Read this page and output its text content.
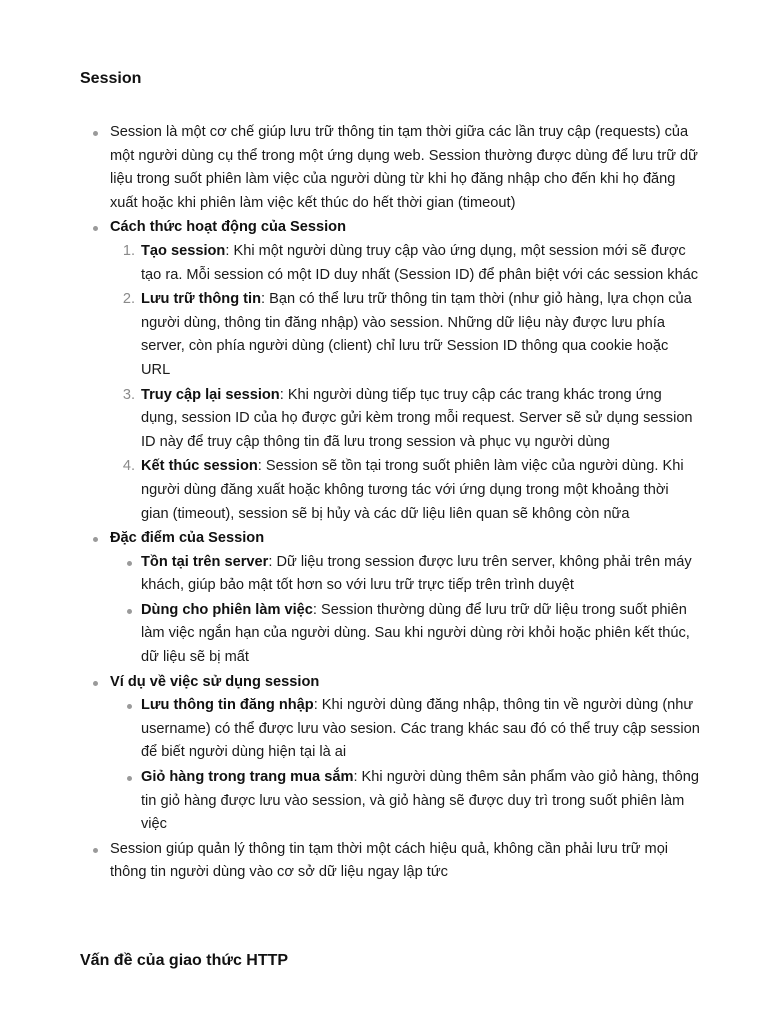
Session
Session là một cơ chế giúp lưu trữ thông tin tạm thời giữa các lần truy cập (requests) của một người dùng cụ thể trong một ứng dụng web. Session thường được dùng để lưu trữ dữ liệu trong suốt phiên làm việc của người dùng từ khi họ đăng nhập cho đến khi họ đăng xuất hoặc khi phiên làm việc kết thúc do hết thời gian (timeout)
Cách thức hoạt động của Session
1. Tạo session: Khi một người dùng truy cập vào ứng dụng, một session mới sẽ được tạo ra. Mỗi session có một ID duy nhất (Session ID) để phân biệt với các session khác
2. Lưu trữ thông tin: Bạn có thể lưu trữ thông tin tạm thời (như giỏ hàng, lựa chọn của người dùng, thông tin đăng nhập) vào session. Những dữ liệu này được lưu phía server, còn phía người dùng (client) chỉ lưu trữ Session ID thông qua cookie hoặc URL
3. Truy cập lại session: Khi người dùng tiếp tục truy cập các trang khác trong ứng dụng, session ID của họ được gửi kèm trong mỗi request. Server sẽ sử dụng session ID này để truy cập thông tin đã lưu trong session và phục vụ người dùng
4. Kết thúc session: Session sẽ tồn tại trong suốt phiên làm việc của người dùng. Khi người dùng đăng xuất hoặc không tương tác với ứng dụng trong một khoảng thời gian (timeout), session sẽ bị hủy và các dữ liệu liên quan sẽ không còn nữa
Đặc điểm của Session
Tồn tại trên server: Dữ liệu trong session được lưu trên server, không phải trên máy khách, giúp bảo mật tốt hơn so với lưu trữ trực tiếp trên trình duyệt
Dùng cho phiên làm việc: Session thường dùng để lưu trữ dữ liệu trong suốt phiên làm việc ngắn hạn của người dùng. Sau khi người dùng rời khỏi hoặc phiên kết thúc, dữ liệu sẽ bị mất
Ví dụ về việc sử dụng session
Lưu thông tin đăng nhập: Khi người dùng đăng nhập, thông tin về người dùng (như username) có thể được lưu vào sesion. Các trang khác sau đó có thể truy cập session để biết người dùng hiện tại là ai
Giỏ hàng trong trang mua sắm: Khi người dùng thêm sản phẩm vào giỏ hàng, thông tin giỏ hàng được lưu vào session, và giỏ hàng sẽ được duy trì trong suốt phiên làm việc
Session giúp quản lý thông tin tạm thời một cách hiệu quả, không cần phải lưu trữ mọi thông tin người dùng vào cơ sở dữ liệu ngay lập tức
Vấn đề của giao thức HTTP
